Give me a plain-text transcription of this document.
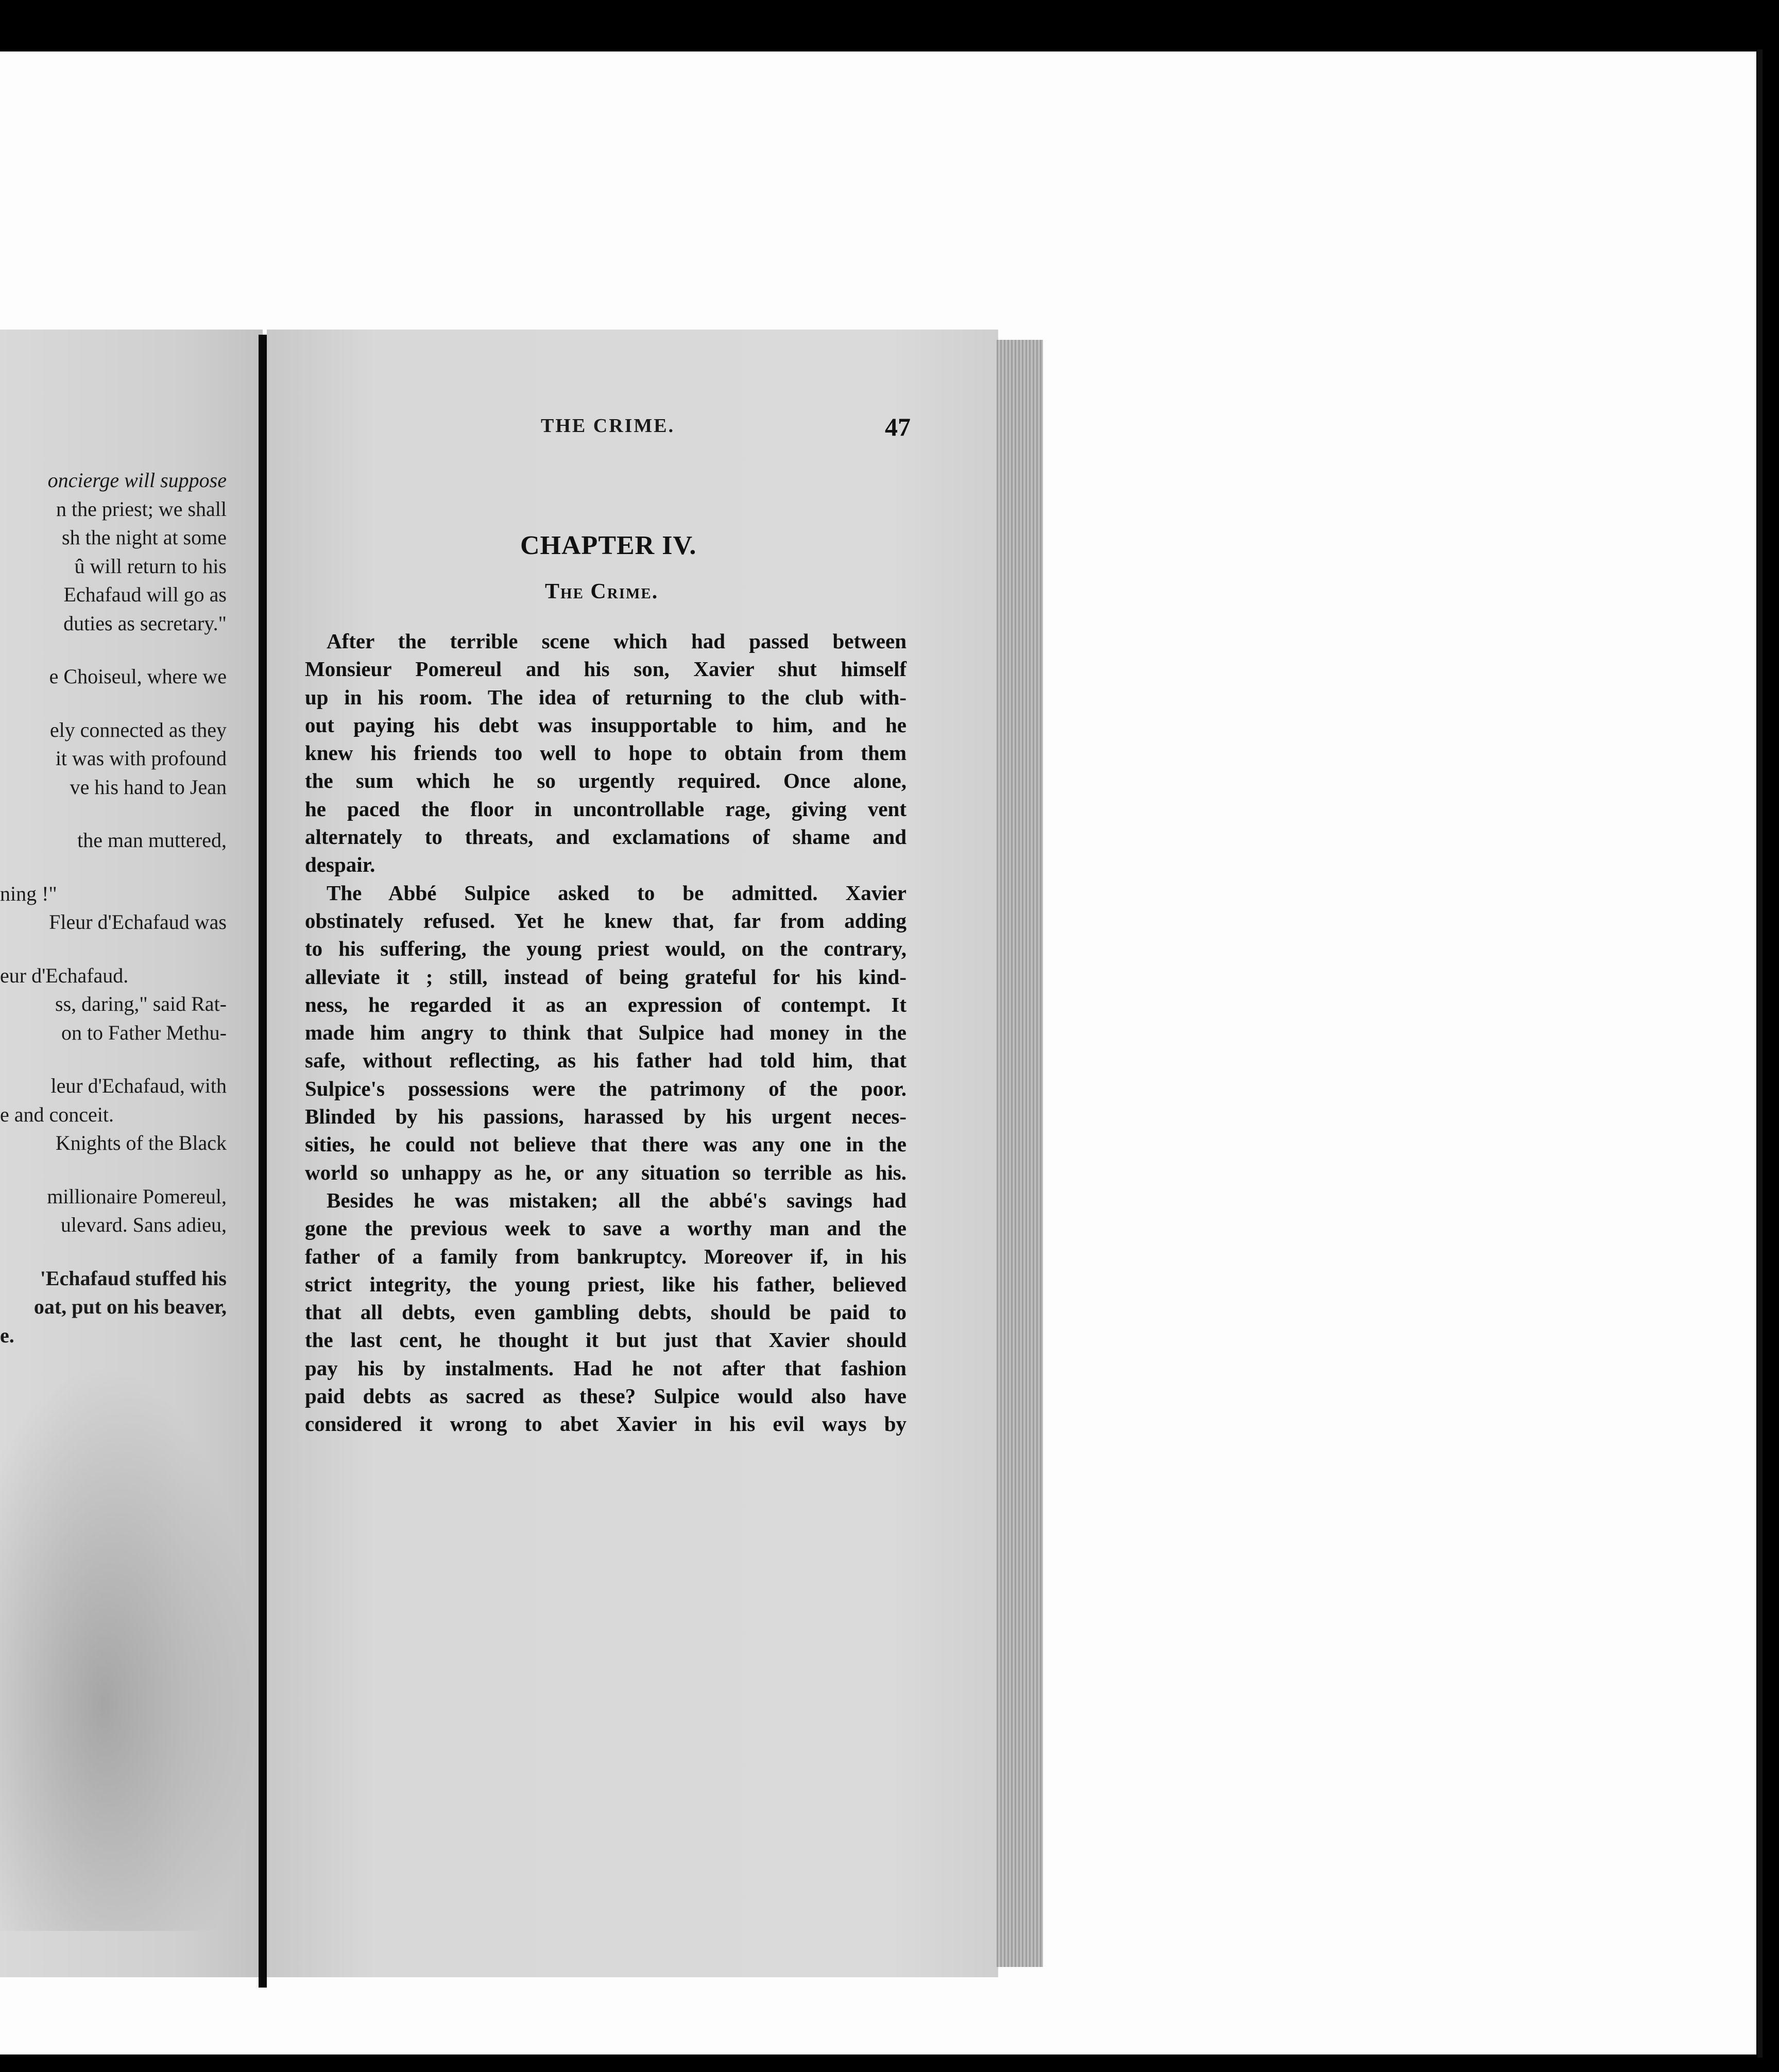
oncierge will suppose
n the priest; we shall
sh the night at some
û will return to his
Echafaud will go as
duties as secretary."
e Choiseul, where we
ely connected as they
it was with profound
ve his hand to Jean
the man muttered,
ning !"
Fleur d'Echafaud was
eur d'Echafaud.
ss, daring," said Rat-
on to Father Methu-
leur d'Echafaud, with
e and conceit.
Knights of the Black
millionaire Pomereul,
ulevard. Sans adieu,
'Echafaud stuffed his
oat, put on his beaver,
e.
THE CRIME.	47
CHAPTER IV.
The Crime.
After the terrible scene which had passed between
Monsieur Pomereul and his son, Xavier shut himself
up in his room. The idea of returning to the club with-
out paying his debt was insupportable to him, and he
knew his friends too well to hope to obtain from them
the sum which he so urgently required. Once alone,
he paced the floor in uncontrollable rage, giving vent
alternately to threats, and exclamations of shame and
despair.
The Abbé Sulpice asked to be admitted. Xavier
obstinately refused. Yet he knew that, far from adding
to his suffering, the young priest would, on the contrary,
alleviate it ; still, instead of being grateful for his kind-
ness, he regarded it as an expression of contempt. It
made him angry to think that Sulpice had money in the
safe, without reflecting, as his father had told him, that
Sulpice's possessions were the patrimony of the poor.
Blinded by his passions, harassed by his urgent neces-
sities, he could not believe that there was any one in the
world so unhappy as he, or any situation so terrible as his.
Besides he was mistaken; all the abbé's savings had
gone the previous week to save a worthy man and the
father of a family from bankruptcy. Moreover if, in his
strict integrity, the young priest, like his father, believed
that all debts, even gambling debts, should be paid to
the last cent, he thought it but just that Xavier should
pay his by instalments. Had he not after that fashion
paid debts as sacred as these? Sulpice would also have
considered it wrong to abet Xavier in his evil ways by
